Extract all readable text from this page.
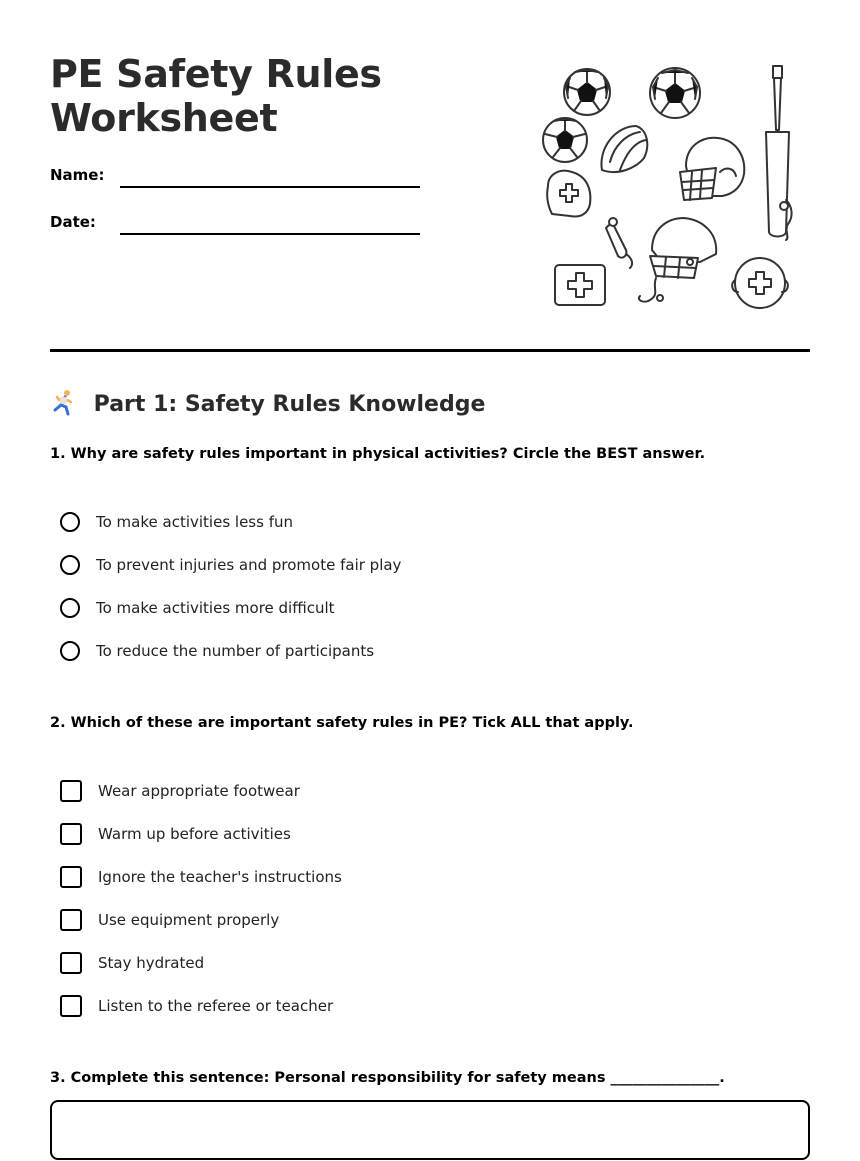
PE Safety Rules
Worksheet
Name:
Date:
Part 1: Safety Rules Knowledge

1. Why are safety rules important in physical activities? Circle the BEST answer.

To make activities less fun
To prevent injuries and promote fair play
To make activities more difficult
To reduce the number of participants

2. Which of these are important safety rules in PE? Tick ALL that apply.

Wear appropriate footwear
Warm up before activities
Ignore the teacher's instructions
Use equipment properly
Stay hydrated
Listen to the referee or teacher

3. Complete this sentence: Personal responsibility for safety means _______________.
